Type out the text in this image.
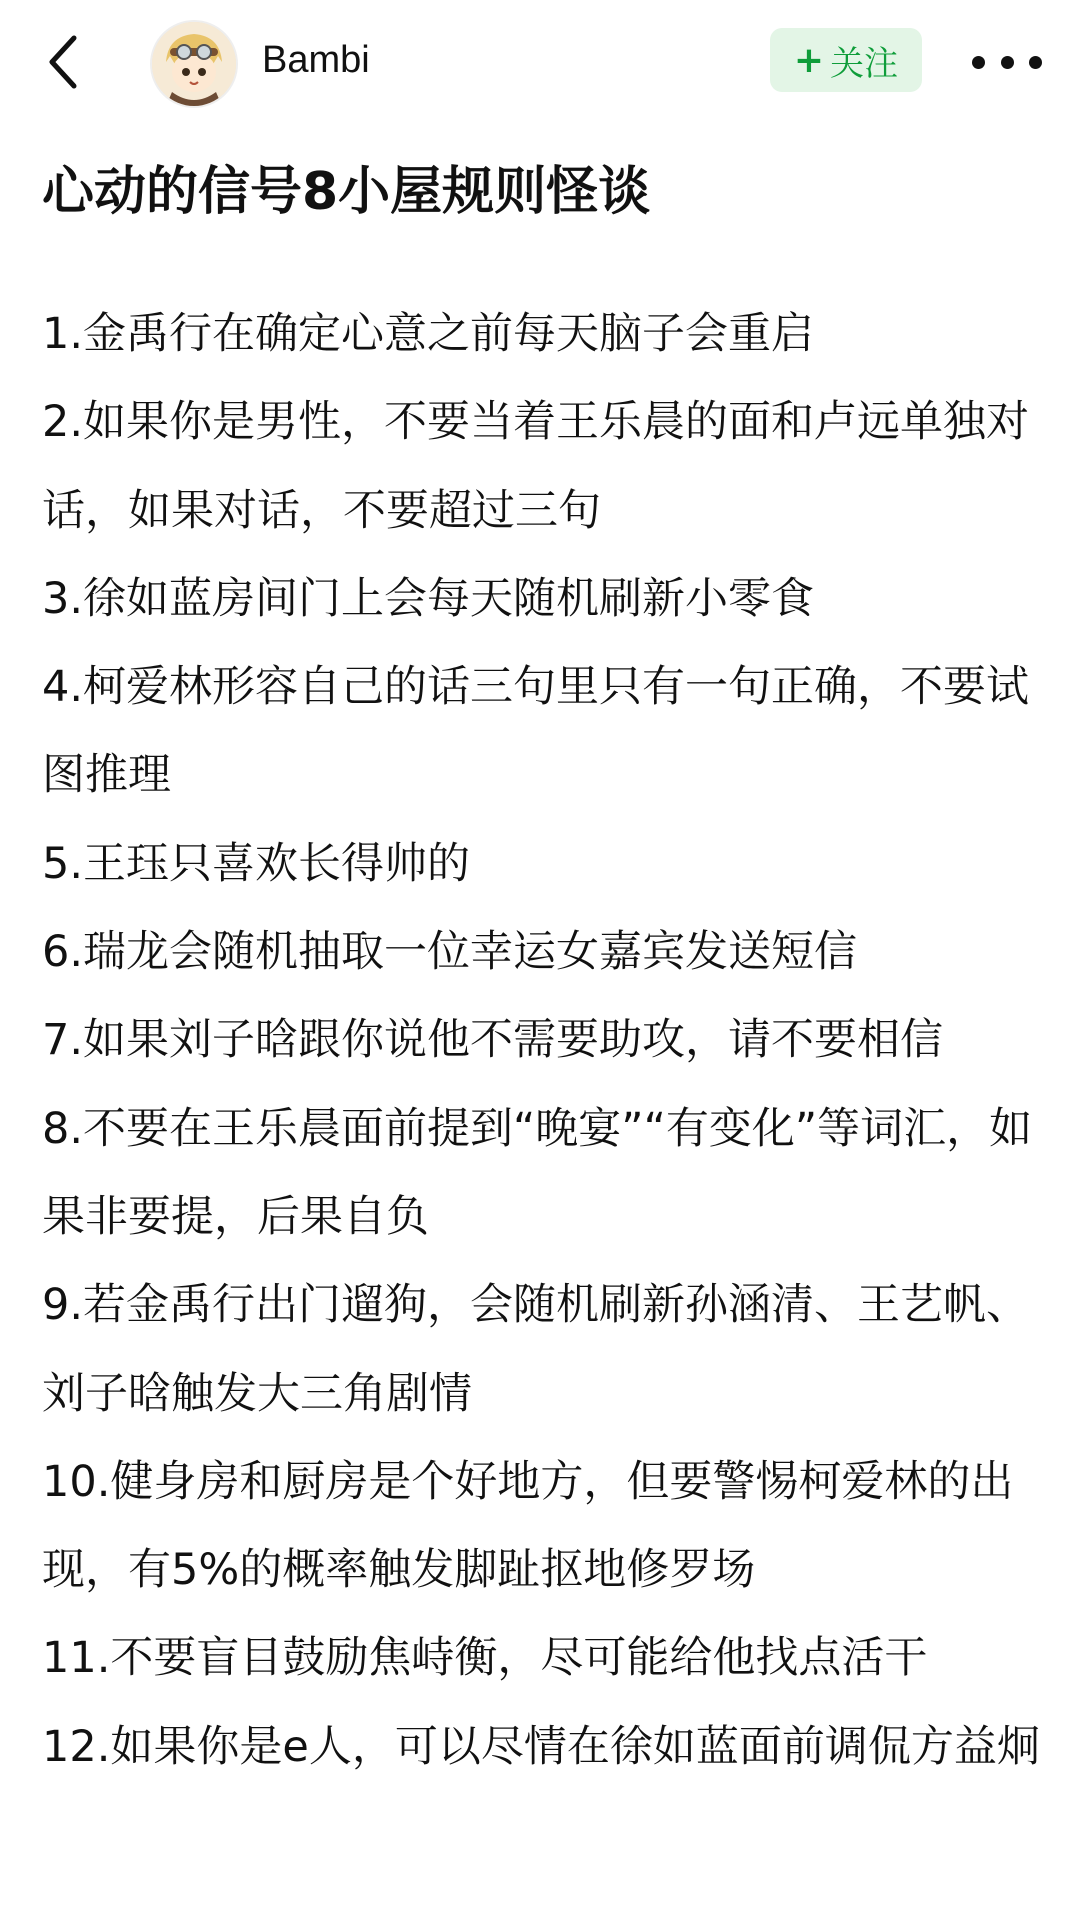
Bambi	+ 关注
心动的信号8小屋规则怪谈

1.金禹行在确定心意之前每天脑子会重启

2.如果你是男性，不要当着王乐晨的面和卢远单独对话，如果对话，不要超过三句

3.徐如蓝房间门上会每天随机刷新小零食

4.柯爱林形容自己的话三句里只有一句正确，不要试图推理

5.王珏只喜欢长得帅的

6.瑞龙会随机抽取一位幸运女嘉宾发送短信

7.如果刘子晗跟你说他不需要助攻，请不要相信

8.不要在王乐晨面前提到“晚宴”“有变化”等词汇，如果非要提，后果自负

9.若金禹行出门遛狗，会随机刷新孙涵清、王艺帆、刘子晗触发大三角剧情

10.健身房和厨房是个好地方，但要警惕柯爱林的出现，有5%的概率触发脚趾抠地修罗场

11.不要盲目鼓励焦峙衡，尽可能给他找点活干

12.如果你是e人，可以尽情在徐如蓝面前调侃方益炯
